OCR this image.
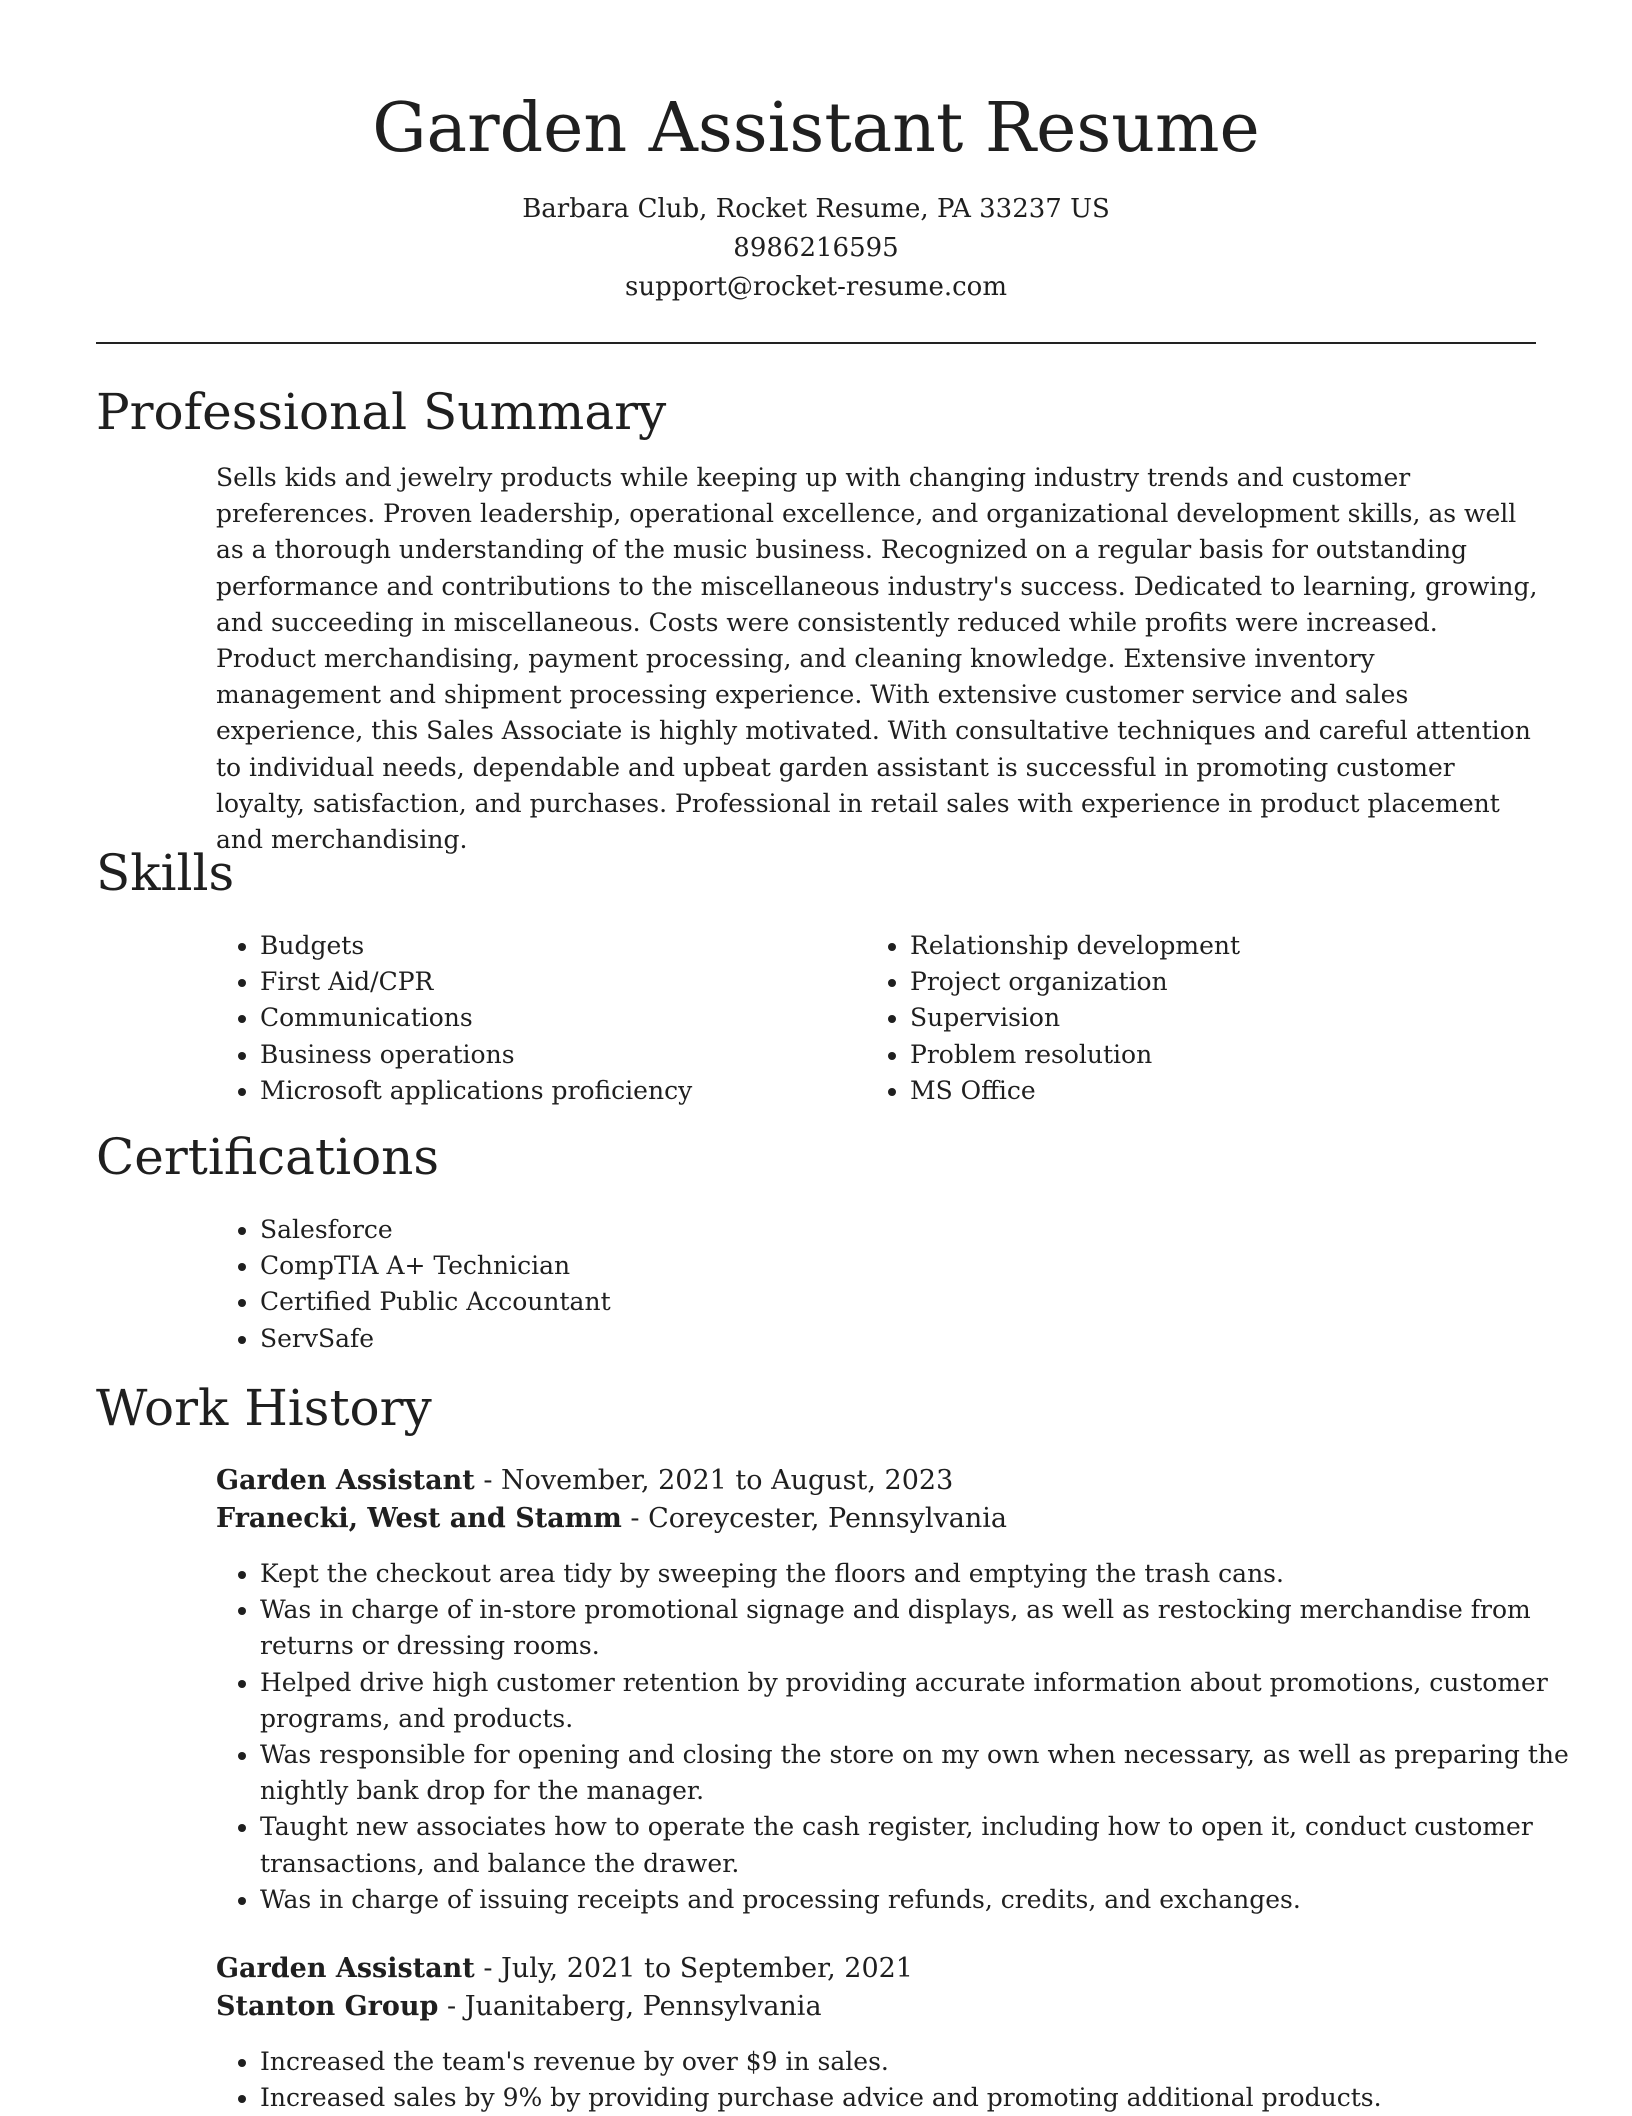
Garden Assistant Resume
Barbara Club, Rocket Resume, PA 33237 US
8986216595
support@rocket-resume.com
Professional Summary

Sells kids and jewelry products while keeping up with changing industry trends and customer preferences. Proven leadership, operational excellence, and organizational development skills, as well as a thorough understanding of the music business. Recognized on a regular basis for outstanding performance and contributions to the miscellaneous industry's success. Dedicated to learning, growing, and succeeding in miscellaneous. Costs were consistently reduced while profits were increased. Product merchandising, payment processing, and cleaning knowledge. Extensive inventory management and shipment processing experience. With extensive customer service and sales experience, this Sales Associate is highly motivated. With consultative techniques and careful attention to individual needs, dependable and upbeat garden assistant is successful in promoting customer loyalty, satisfaction, and purchases. Professional in retail sales with experience in product placement and merchandising.

Skills
• Budgets
• First Aid/CPR
• Communications
• Business operations
• Microsoft applications proficiency
• Relationship development
• Project organization
• Supervision
• Problem resolution
• MS Office
Certifications
• Salesforce
• CompTIA A+ Technician
• Certified Public Accountant
• ServSafe
Work History
Garden Assistant - November, 2021 to August, 2023
Franecki, West and Stamm - Coreycester, Pennsylvania
• Kept the checkout area tidy by sweeping the floors and emptying the trash cans.
• Was in charge of in-store promotional signage and displays, as well as restocking merchandise from returns or dressing rooms.
• Helped drive high customer retention by providing accurate information about promotions, customer programs, and products.
• Was responsible for opening and closing the store on my own when necessary, as well as preparing the nightly bank drop for the manager.
• Taught new associates how to operate the cash register, including how to open it, conduct customer transactions, and balance the drawer.
• Was in charge of issuing receipts and processing refunds, credits, and exchanges.
Garden Assistant - July, 2021 to September, 2021
Stanton Group - Juanitaberg, Pennsylvania
• Increased the team's revenue by over $9 in sales.
• Increased sales by 9% by providing purchase advice and promoting additional products.
